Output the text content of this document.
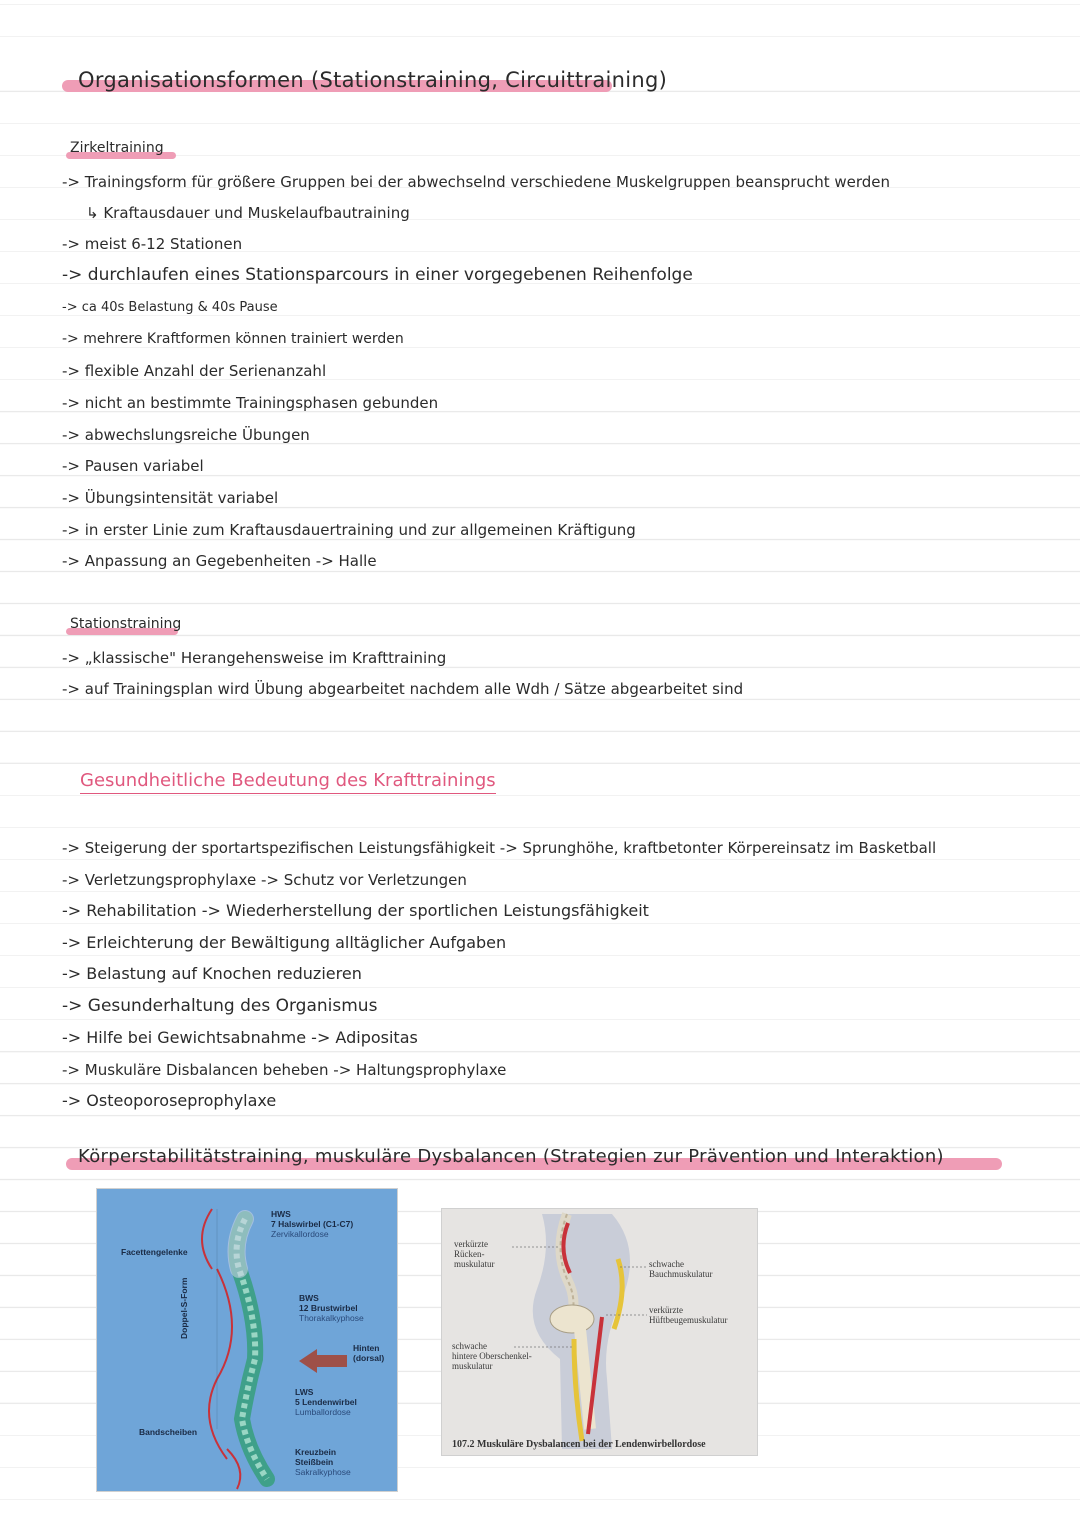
Organisationsformen (Stationstraining, Circuittraining)
Zirkeltraining
-> Trainingsform für größere Gruppen bei der abwechselnd verschiedene Muskelgruppen beansprucht werden
↳ Kraftausdauer und Muskelaufbautraining
-> meist 6-12 Stationen
-> durchlaufen eines Stationsparcours in einer vorgegebenen Reihenfolge
-> ca 40s Belastung & 40s Pause
-> mehrere Kraftformen können trainiert werden
-> flexible Anzahl der Serienanzahl
-> nicht an bestimmte Trainingsphasen gebunden
-> abwechslungsreiche Übungen
-> Pausen variabel
-> Übungsintensität variabel
-> in erster Linie zum Kraftausdauertraining und zur allgemeinen Kräftigung
-> Anpassung an Gegebenheiten -> Halle
Stationstraining
-> „klassische" Herangehensweise im Krafttraining
-> auf Trainingsplan wird Übung abgearbeitet nachdem alle Wdh / Sätze abgearbeitet sind
Gesundheitliche Bedeutung des Krafttrainings
-> Steigerung der sportartspezifischen Leistungsfähigkeit -> Sprunghöhe, kraftbetonter Körpereinsatz im Basketball
-> Verletzungsprophylaxe -> Schutz vor Verletzungen
-> Rehabilitation -> Wiederherstellung der sportlichen Leistungsfähigkeit
-> Erleichterung der Bewältigung alltäglicher Aufgaben
-> Belastung auf Knochen reduzieren
-> Gesunderhaltung des Organismus
-> Hilfe bei Gewichtsabnahme -> Adipositas
-> Muskuläre Disbalancen beheben -> Haltungsprophylaxe
-> Osteoporoseprophylaxe
Körperstabilitätstraining, muskuläre Dysbalancen (Strategien zur Prävention und Interaktion)
Facettengelenke
Doppel-S-Form
Bandscheiben
HWS
7 Halswirbel (C1-C7)
Zervikallordose
BWS
12 Brustwirbel
Thorakalkyphose
Hinten
(dorsal)
LWS
5 Lendenwirbel
Lumballordose
Kreuzbein
Steißbein
Sakralkyphose
verkürzte
Rücken-
muskulatur	schwache
Bauchmuskulatur
verkürzte
Hüftbeugemuskulatur
schwache
hintere Oberschenkel-
muskulatur
107.2 Muskuläre Dysbalancen bei der Lendenwirbellordose
